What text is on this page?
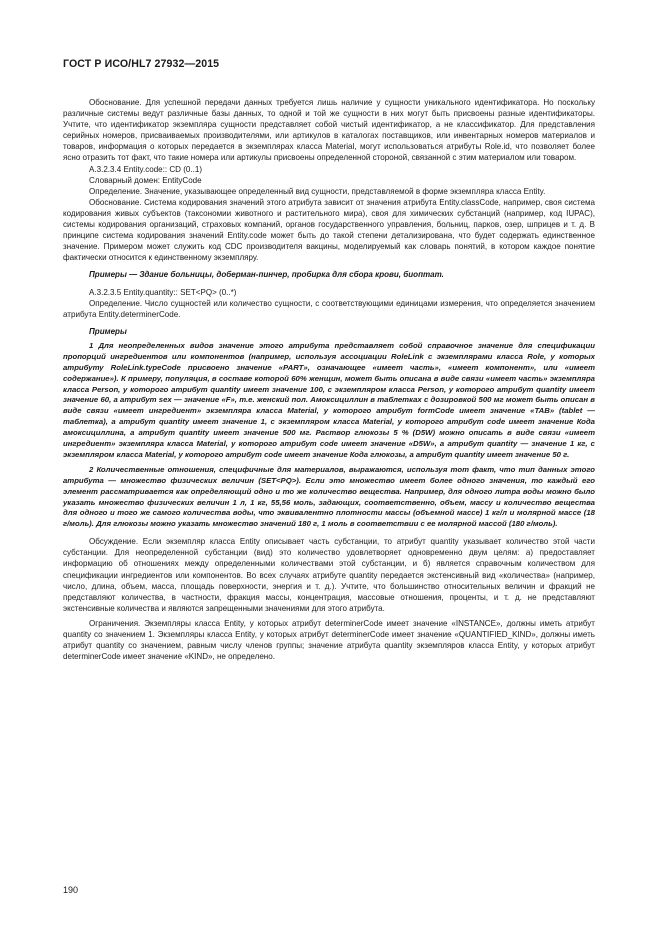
ГОСТ Р ИСО/HL7 27932—2015

Обоснование. Для успешной передачи данных требуется лишь наличие у сущности уникального идентификатора. Но поскольку различные системы ведут различные базы данных, то одной и той же сущности в них могут быть присвоены разные идентификаторы. Учтите, что идентификатор экземпляра сущности представляет собой чистый идентификатор, а не классификатор. Для представления серийных номеров, присваиваемых производителями, или артикулов в каталогах поставщиков, или инвентарных номеров материалов и товаров, информация о которых передается в экземплярах класса Material, могут использоваться атрибуты Role.id, что позволяет более ясно отразить тот факт, что такие номера или артикулы присвоены определенной стороной, связанной с этим материалом или товаром.

A.3.2.3.4 Entity.code:: CD (0..1)

Словарный домен: EntityCode

Определение. Значение, указывающее определенный вид сущности, представляемой в форме экземпляра класса Entity.

Обоснование. Система кодирования значений этого атрибута зависит от значения атрибута Entity.classCode, например, своя система кодирования живых субъектов (таксономии животного и растительного мира), своя для химических субстанций (например, код IUPAC), системы кодирования организаций, страховых компаний, органов государственного управления, больниц, парков, озер, шприцев и т. д. В принципе система кодирования значений Entity.code может быть до такой степени детализирована, что будет содержать единственное значение. Примером может служить код CDC производителя вакцины, моделируемый как словарь понятий, в котором каждое понятие фактически относится к единственному экземпляру.

Примеры — Здание больницы, доберман-пинчер, пробирка для сбора крови, биоптат.

A.3.2.3.5 Entity.quantity:: SET<PQ> (0..*)

Определение. Число сущностей или количество сущности, с соответствующими единицами измерения, что определяется значением атрибута Entity.determinerCode.

Примеры

1 Для неопределенных видов значение этого атрибута представляет собой справочное значение для спецификации пропорций ингредиентов или компонентов (например, используя ассоциации RoleLink с экземплярами класса Role, у которых атрибуту RoleLink.typeCode присвоено значение «PART», означающее «имеет часть», «имеет компонент», или «имеет содержание»). К примеру, популяция, в составе которой 60% женщин, может быть описана в виде связи «имеет часть» экземпляра класса Person, у которого атрибут quantity имеет значение 100, с экземпляром класса Person, у которого атрибут quantity имеет значение 60, а атрибут sex — значение «F», т.е. женский пол. Амоксициллин в таблетках с дозировкой 500 мг может быть описан в виде связи «имеет ингредиент» экземпляра класса Material, у которого атрибут formCode имеет значение «TAB» (tablet — таблетка), а атрибут quantity имеет значение 1, с экземпляром класса Material, у которого атрибут code имеет значение Кода амоксициллина, а атрибут quantity имеет значение 500 мг. Раствор глюкозы 5 % (D5W) можно описать в виде связи «имеет ингредиент» экземпляра класса Material, у которого атрибут code имеет значение «D5W», а атрибут quantity — значение 1 кг, с экземпляром класса Material, у которого атрибут code имеет значение Кода глюкозы, а атрибут quantity имеет значение 50 г.

2 Количественные отношения, специфичные для материалов, выражаются, используя тот факт, что тип данных этого атрибута — множество физических величин (SET<PQ>). Если это множество имеет более одного значения, то каждый его элемент рассматривается как определяющий одно и то же количество вещества. Например, для одного литра воды можно было указать множество физических величин 1 л, 1 кг, 55,56 моль, задающих, соответственно, объем, массу и количество вещества для одного и того же самого количества воды, что эквивалентно плотности массы (объемной массе) 1 кг/л и молярной массе (18 г/моль). Для глюкозы можно указать множество значений 180 г, 1 моль в соответствии с ее молярной массой (180 г/моль).

Обсуждение. Если экземпляр класса Entity описывает часть субстанции, то атрибут quantity указывает количество этой части субстанции. Для неопределенной субстанции (вид) это количество удовлетворяет одновременно двум целям: а) предоставляет информацию об отношениях между определенными количествами этой субстанции, и б) является справочным количеством для спецификации ингредиентов или компонентов. Во всех случаях атрибуте quantity передается экстенсивный вид «количества» (например, число, длина, объем, масса, площадь поверхности, энергия и т. д.). Учтите, что большинство относительных величин и фракций не представляют количества, в частности, фракция массы, концентрация, массовые отношения, проценты, и т. д. не представляют экстенсивные количества и являются запрещенными значениями для этого атрибута.

Ограничения. Экземпляры класса Entity, у которых атрибут determinerCode имеет значение «INSTANCE», должны иметь атрибут quantity со значением 1. Экземпляры класса Entity, у которых атрибут determinerCode имеет значение «QUANTIFIED_KIND», должны иметь атрибут quantity со значением, равным числу членов группы; значение атрибута quantity экземпляров класса Entity, у которых атрибут determinerCode имеет значение «KIND», не определено.

190
